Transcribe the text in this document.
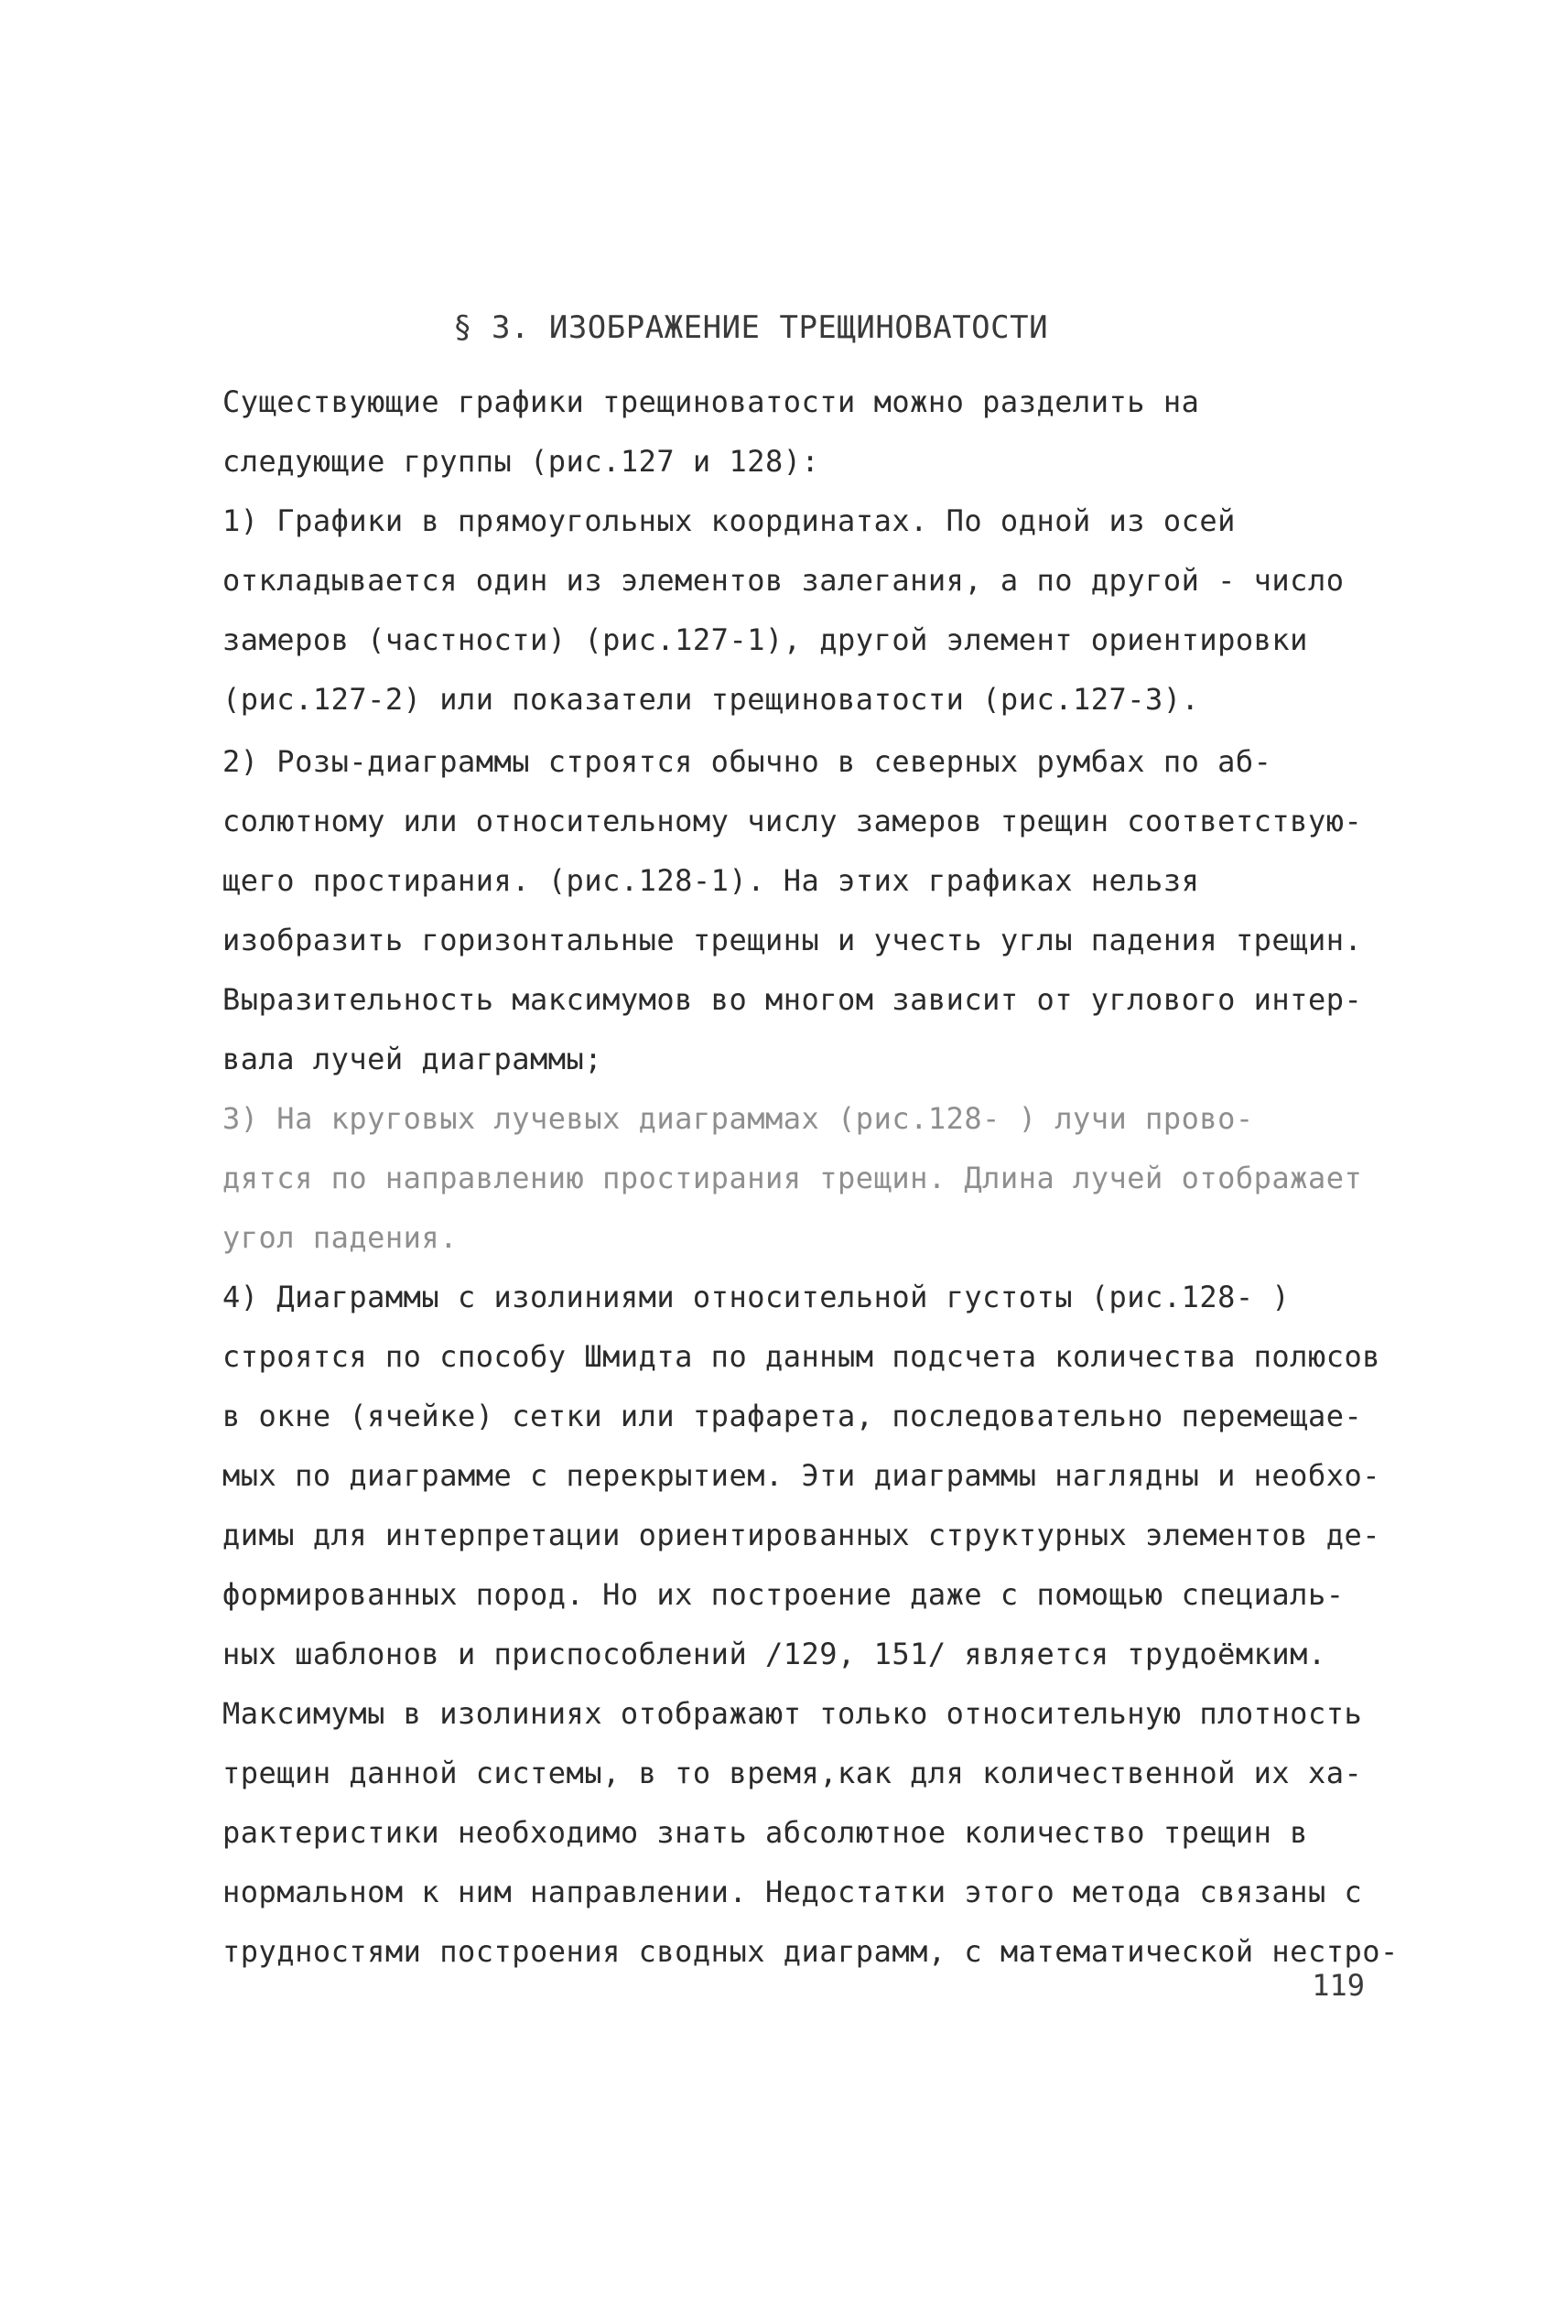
§ 3. ИЗОБРАЖЕНИЕ ТРЕЩИНОВАТОСТИ
Существующие графики трещиноватости можно разделить на
следующие группы (рис.127 и 128):
1) Графики в прямоугольных координатах. По одной из осей
откладывается один из элементов залегания, а по другой - число
замеров (частности) (рис.127-1), другой элемент ориентировки
(рис.127-2) или показатели трещиноватости (рис.127-3).
2) Розы-диаграммы строятся обычно в северных румбах по аб-
солютному или относительному числу замеров трещин соответствую-
щего простирания. (рис.128-1). На этих графиках нельзя
изобразить горизонтальные трещины и учесть углы падения трещин.
Выразительность максимумов во многом зависит от углового интер-
вала лучей диаграммы;
3) На круговых лучевых диаграммах (рис.128- ) лучи прово-
дятся по направлению простирания трещин. Длина лучей отображает
угол падения.
4) Диаграммы с изолиниями относительной густоты (рис.128- )
строятся по способу Шмидта по данным подсчета количества полюсов
в окне (ячейке) сетки или трафарета, последовательно перемещае-
мых по диаграмме с перекрытием. Эти диаграммы наглядны и необхо-
димы для интерпретации ориентированных структурных элементов де-
формированных пород. Но их построение даже с помощью специаль-
ных шаблонов и приспособлений /129, 151/ является трудоёмким.
Максимумы в изолиниях отображают только относительную плотность
трещин данной системы, в то время,как для количественной их ха-
рактеристики необходимо знать абсолютное количество трещин в
нормальном к ним направлении. Недостатки этого метода связаны с
трудностями построения сводных диаграмм, с математической нестро-
119
